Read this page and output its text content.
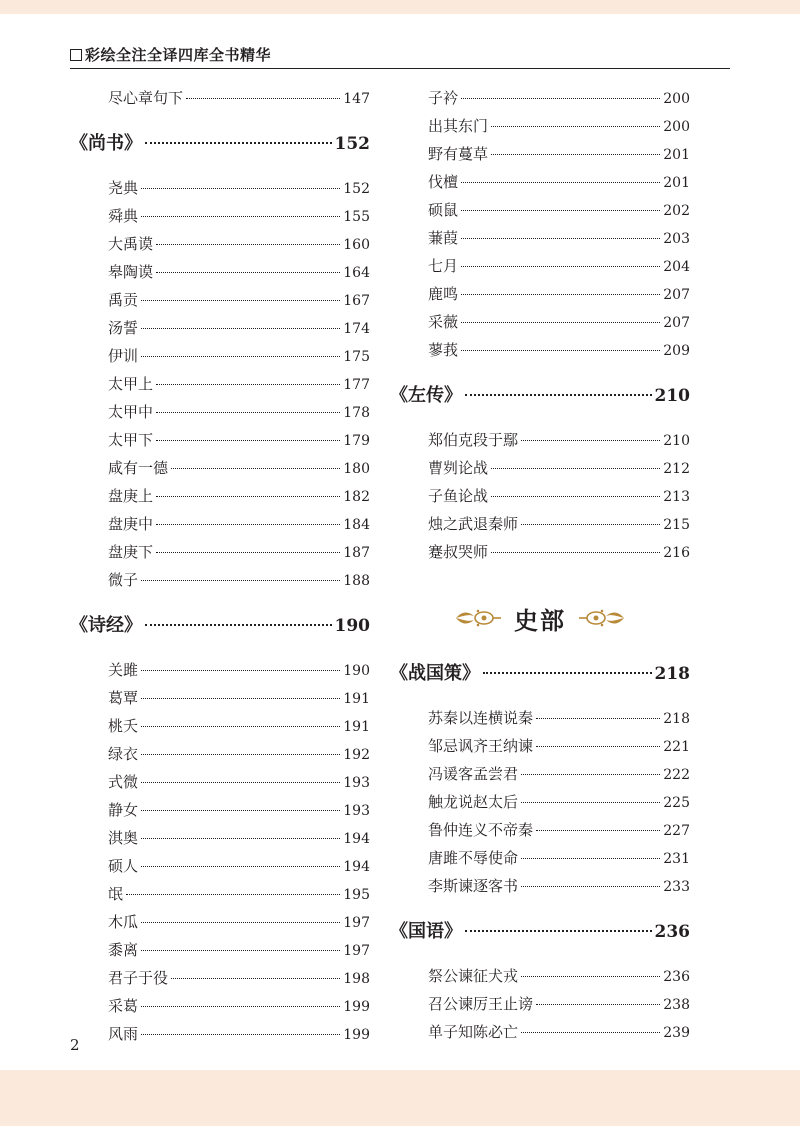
彩绘全注全译四库全书精华
尽心章句下	147
《尚书》	152
尧典	152
舜典	155
大禹谟	160
皋陶谟	164
禹贡	167
汤誓	174
伊训	175
太甲上	177
太甲中	178
太甲下	179
咸有一德	180
盘庚上	182
盘庚中	184
盘庚下	187
微子	188
《诗经》	190
关雎	190
葛覃	191
桃夭	191
绿衣	192
式微	193
静女	193
淇奥	194
硕人	194
氓	195
木瓜	197
黍离	197
君子于役	198
采葛	199
风雨	199
子衿	200
出其东门	200
野有蔓草	201
伐檀	201
硕鼠	202
蒹葭	203
七月	204
鹿鸣	207
采薇	207
蓼莪	209
《左传》	210
郑伯克段于鄢	210
曹刿论战	212
子鱼论战	213
烛之武退秦师	215
蹇叔哭师	216
史部
《战国策》	218
苏秦以连横说秦	218
邹忌讽齐王纳谏	221
冯谖客孟尝君	222
触龙说赵太后	225
鲁仲连义不帝秦	227
唐雎不辱使命	231
李斯谏逐客书	233
《国语》	236
祭公谏征犬戎	236
召公谏厉王止谤	238
单子知陈必亡	239
2
